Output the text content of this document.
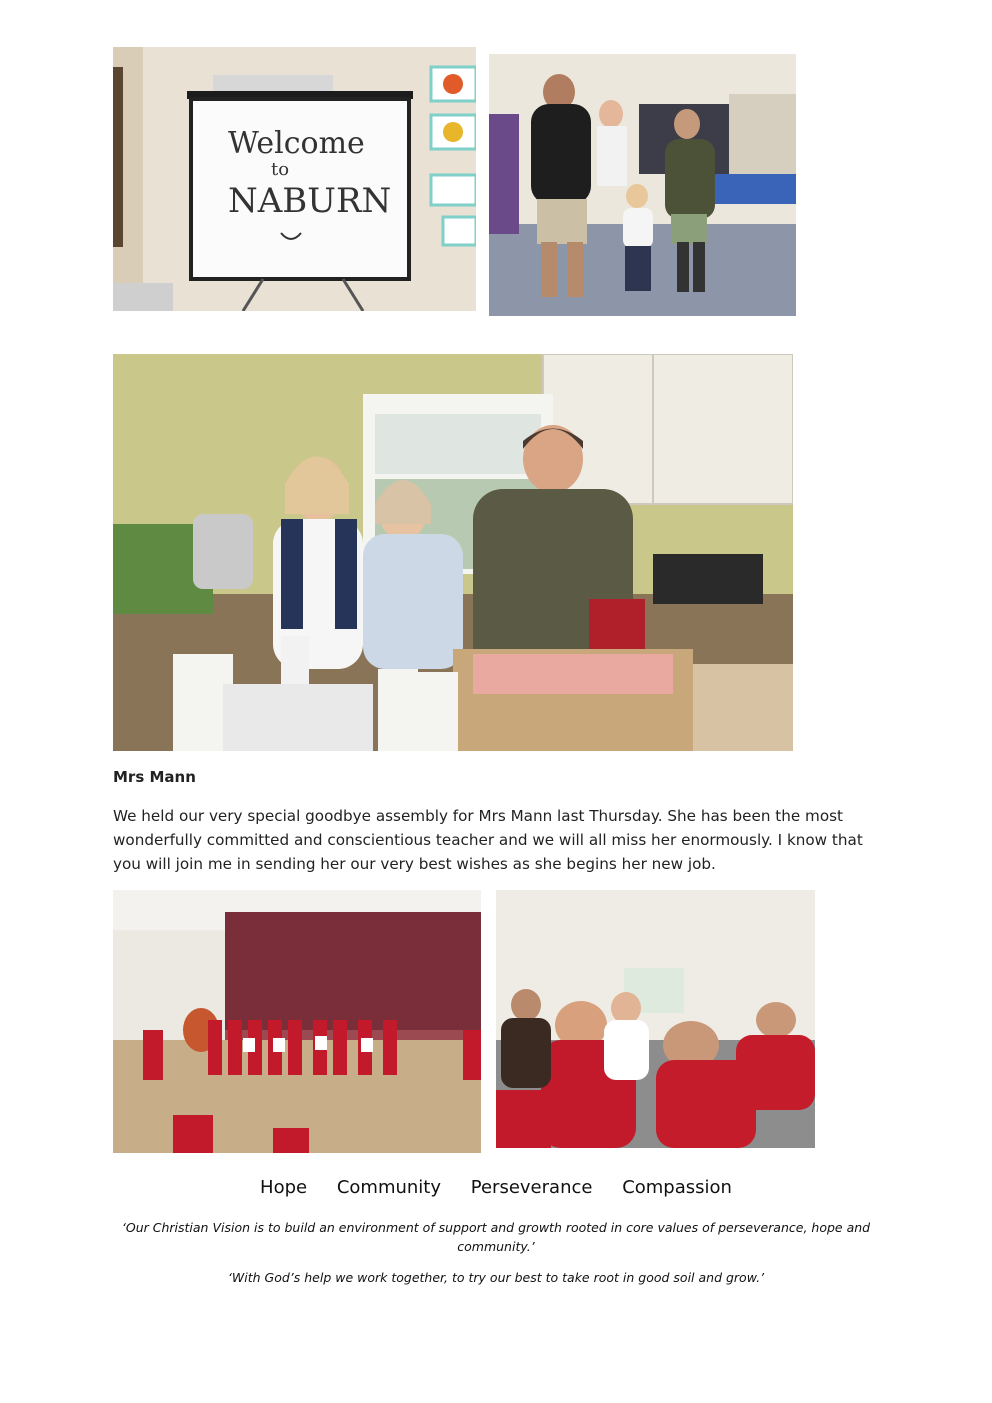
Welcome
to
NABURN
Mrs Mann
We held our very special goodbye assembly for Mrs Mann last Thursday. She has been the most wonderfully committed and conscientious teacher and we will all miss her enormously. I know that you will join me in sending her our very best wishes as she begins her new job.
Hope Community Perseverance Compassion
‘Our Christian Vision is to build an environment of support and growth rooted in core values of perseverance, hope and community.’
‘With God’s help we work together, to try our best to take root in good soil and grow.’
